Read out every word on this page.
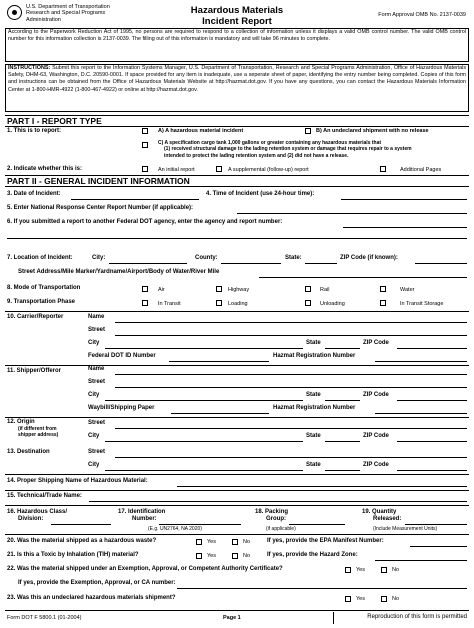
U.S. Department of Transportation
Research and Special Programs
Administration
Hazardous Materials
Incident Report
Form Approval OMB No. 2137-0039
According to the Paperwork Reduction Act of 1995, no persons are required to respond to a collection of information unless it displays a valid OMB control number. The valid OMB control number for this information collection is 2137-0039. The filling out of this information is mandatory and will take 96 minutes to complete.
INSTRUCTIONS: Submit this report to the Information Systems Manager, U.S. Department of Transportation, Research and Special Programs Administration, Office of Hazardous Materials Safety, DHM-63, Washington, D.C. 20590-0001. If space provided for any item is inadequate, use a seperate sheet of paper, identifying the entry number being completed. Copies of this form and instructions can be obtained from the Office of Hazardous Materials Website at http://hazmat.dot.gov. If you have any questions, you can contact the Hazardous Materials Information Center at 1-800-HMR-4922 (1-800-467-4922) or online at http://hazmat.dot.gov.
PART I - REPORT TYPE
1. This is to report:	A) A hazardous material incident	B) An undeclared shipment with no release
C) A specification cargo tank 1,000 gallons or greater containing any hazardous materials that
(1) received structural damage to the lading retention system or damage that requires repair to a system
intended to protect the lading retention system and (2) did not have a release.
2. Indicate whether this is:	An initial report	A supplemental (follow-up) report	Additional Pages
PART II - GENERAL INCIDENT INFORMATION
3. Date of Incident:	4. Time of Incident (use 24-hour time):
5. Enter National Response Center Report Number (if applicable):
6. If you submitted a report to another Federal DOT agency, enter the agency and report number:
7. Location of Incident:	City:	County:	State:	ZIP Code (if known):
Street Address/Mile Marker/Yardname/Airport/Body of Water/River Mile
8. Mode of Transportation	Air	Highway	Rail	Water
9. Transportation Phase	In Transit	Loading	Unloading	In Transit Storage
10. Carrier/Reporter	Name
Street
City	State	ZIP Code
Federal DOT ID Number	Hazmat Registration Number
11. Shipper/Offeror	Name
Street
City	State	ZIP Code
Waybill/Shipping Paper	Hazmat Registration Number
12. Origin
(if different from
shipper address)
Street
City	State	ZIP Code
13. Destination	Street
City	State	ZIP Code
14. Proper Shipping Name of Hazardous Material:
15. Technical/Trade Name:
16. Hazardous Class/
Division:
17. Identification
Number:
(E.g. UN2764, NA 2020)
18. Packing
Group:
(if applicable)
19. Quantity
Released:
(Include Measurement Units)
20. Was the material shipped as a hazardous waste?	Yes	No	If yes, provide the EPA Manifest Number:
21. Is this a Toxic by Inhalation (TIH) material?	Yes	No	If yes, provide the Hazard Zone:
22. Was the material shipped under an Exemption, Approval, or Competent Authority Certificate?	Yes	No
If yes, provide the Exemption, Approval, or CA number:
23. Was this an undeclared hazardous materials shipment?	Yes	No
Form DOT F 5800.1 (01-2004)	Page 1	Reproduction of this form is permitted
